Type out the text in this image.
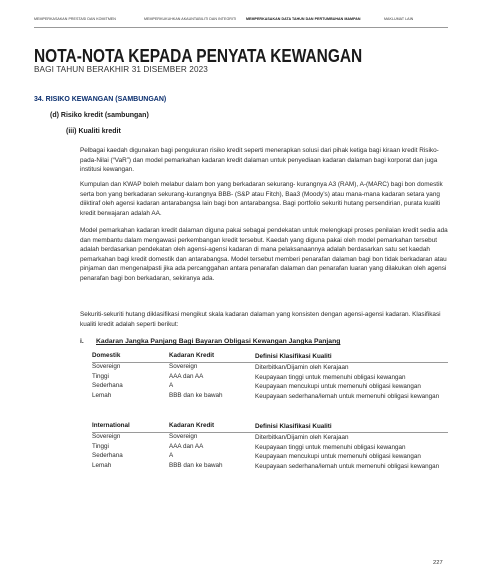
MEMPERKASAKAN PRESTASI DAN KOMITMEN	MEMPERKUKUHKAN AKAUNTABILITI DAN INTEGRITI	MEMPERKASAKAN DATA TAHUN DAN PERTUMBUHAN MAMPAN	MAKLUMAT LAIN
NOTA-NOTA KEPADA PENYATA KEWANGAN
BAGI TAHUN BERAKHIR 31 DISEMBER 2023
34. RISIKO KEWANGAN (SAMBUNGAN)
(d) Risiko kredit (sambungan)
(iii) Kualiti kredit

Pelbagai kaedah digunakan bagi pengukuran risiko kredit seperti menerapkan solusi dari pihak ketiga bagi kiraan kredit Risiko-pada-Nilai (“VaR”) dan model pemarkahan kadaran kredit dalaman untuk penyediaan kadaran dalaman bagi korporat dan juga institusi kewangan.

Kumpulan dan KWAP boleh melabur dalam bon yang berkadaran sekurang- kurangnya A3 (RAM), A-(MARC) bagi bon domestik serta bon yang berkadaran sekurang-kurangnya BBB- (S&P atau Fitch), Baa3 (Moody’s) atau mana-mana kadaran setara yang diiktiraf oleh agensi kadaran antarabangsa lain bagi bon antarabangsa. Bagi portfolio sekuriti hutang persendirian, purata kualiti kredit berwajaran adalah AA.

Model pemarkahan kadaran kredit dalaman diguna pakai sebagai pendekatan untuk melengkapi proses penilaian kredit sedia ada dan membantu dalam mengawasi perkembangan kredit tersebut. Kaedah yang diguna pakai oleh model pemarkahan tersebut adalah berdasarkan pendekatan oleh agensi-agensi kadaran di mana pelaksanaannya adalah berdasarkan satu set kaedah pemarkahan bagi kredit domestik dan antarabangsa. Model tersebut memberi penarafan dalaman bagi bon tidak berkadaran atau pinjaman dan mengenalpasti jika ada percanggahan antara penarafan dalaman dan penarafan luaran yang dilakukan oleh agensi penarafan bagi bon berkadaran, sekiranya ada.

Sekuriti-sekuriti hutang diklasifikasi mengikut skala kadaran dalaman yang konsisten dengan agensi-agensi kadaran. Klasifikasi kualiti kredit adalah seperti berikut:

i. Kadaran Jangka Panjang Bagi Bayaran Obligasi Kewangan Jangka Panjang
Domestik	Kadaran Kredit	Definisi Klasifikasi Kualiti
Sovereign	Sovereign	Diterbitkan/Dijamin oleh Kerajaan
Tinggi	AAA dan AA	Keupayaan tinggi untuk memenuhi obligasi kewangan
Sederhana	A	Keupayaan mencukupi untuk memenuhi obligasi kewangan
Lemah	BBB dan ke bawah	Keupayaan sederhana/lemah untuk memenuhi obligasi kewangan
International	Kadaran Kredit	Definisi Klasifikasi Kualiti
Sovereign	Sovereign	Diterbitkan/Dijamin oleh Kerajaan
Tinggi	AAA dan AA	Keupayaan tinggi untuk memenuhi obligasi kewangan
Sederhana	A	Keupayaan mencukupi untuk memenuhi obligasi kewangan
Lemah	BBB dan ke bawah	Keupayaan sederhana/lemah untuk memenuhi obligasi kewangan
227
